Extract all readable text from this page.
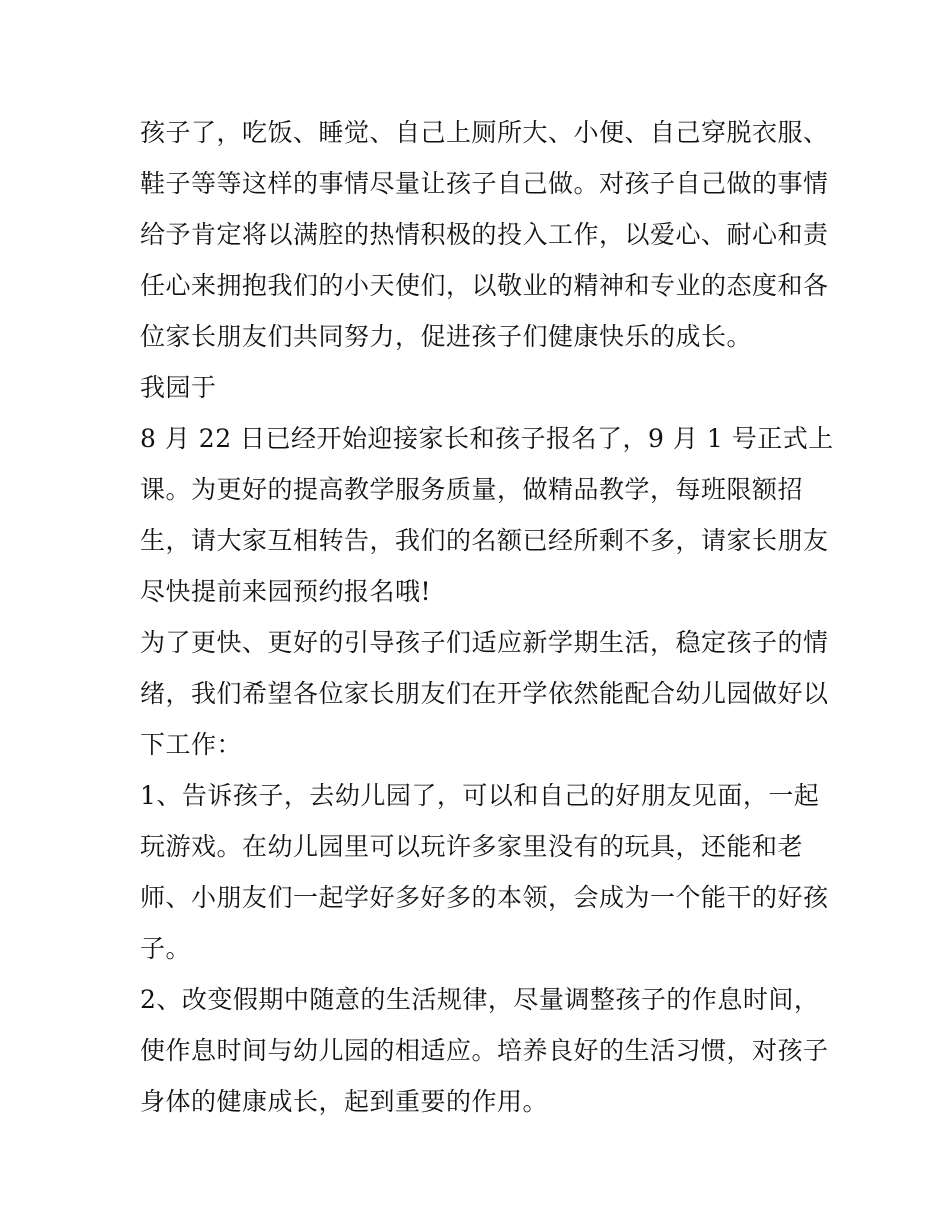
孩子了，吃饭、睡觉、自己上厕所大、小便、自己穿脱衣服、
鞋子等等这样的事情尽量让孩子自己做。对孩子自己做的事情
给予肯定将以满腔的热情积极的投入工作，以爱心、耐心和责
任心来拥抱我们的小天使们，以敬业的精神和专业的态度和各
位家长朋友们共同努力，促进孩子们健康快乐的成长。
我园于
8 月 22 日已经开始迎接家长和孩子报名了，9 月 1 号正式上
课。为更好的提高教学服务质量，做精品教学，每班限额招
生，请大家互相转告，我们的名额已经所剩不多，请家长朋友
尽快提前来园预约报名哦!
为了更快、更好的引导孩子们适应新学期生活，稳定孩子的情
绪，我们希望各位家长朋友们在开学依然能配合幼儿园做好以
下工作：
1、告诉孩子，去幼儿园了，可以和自己的好朋友见面，一起
玩游戏。在幼儿园里可以玩许多家里没有的玩具，还能和老
师、小朋友们一起学好多好多的本领，会成为一个能干的好孩
子。
2、改变假期中随意的生活规律，尽量调整孩子的作息时间，
使作息时间与幼儿园的相适应。培养良好的生活习惯，对孩子
身体的健康成长，起到重要的作用。
